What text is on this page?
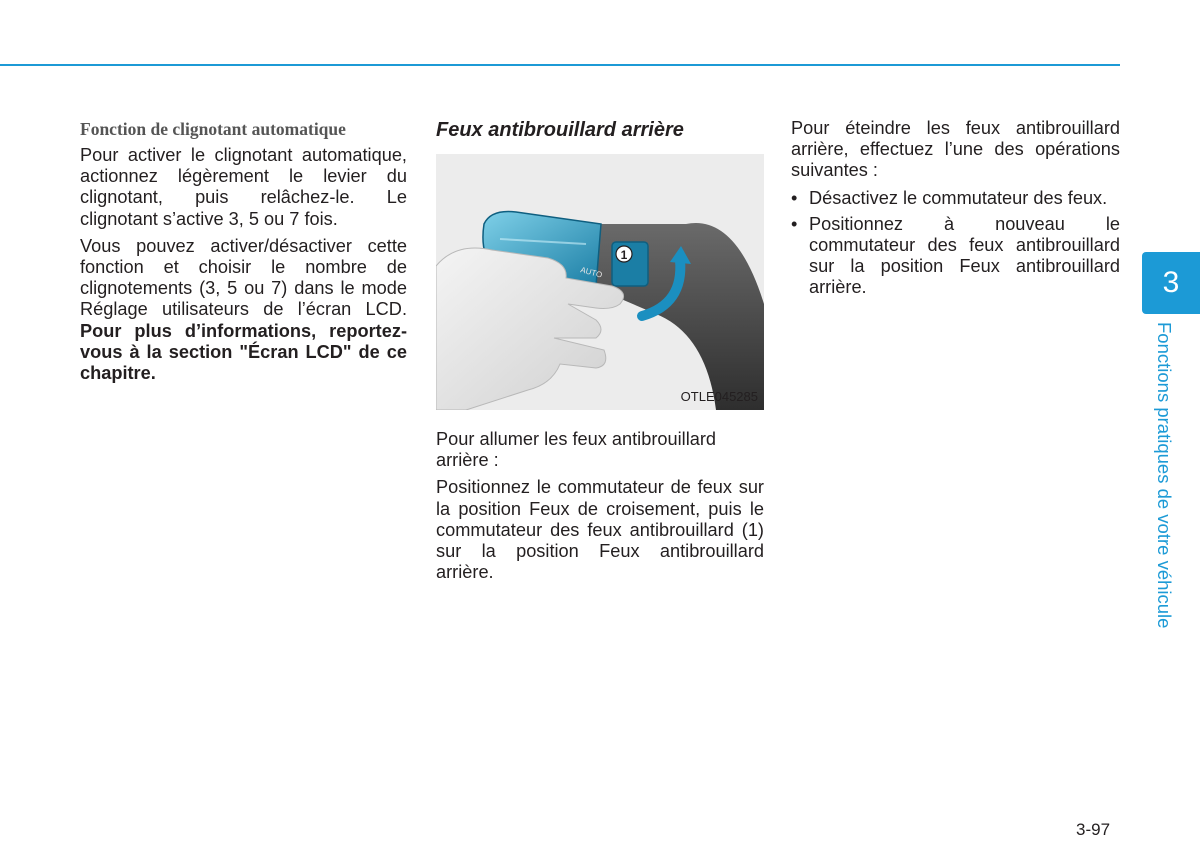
Fonction de clignotant automatique

Pour activer le clignotant automatique, actionnez légèrement le levier du clignotant, puis relâchez-le. Le clignotant s’active 3, 5 ou 7 fois.

Vous pouvez activer/désactiver cette fonction et choisir le nombre de clignotements (3, 5 ou 7) dans le mode Réglage utilisateurs de l’écran LCD. Pour plus d’informations, reportez-vous à la section "Écran LCD" de ce chapitre.

Feux antibrouillard arrière
1
AUTO
OTLE045285

Pour allumer les feux antibrouillard arrière :

Positionnez le commutateur de feux sur la position Feux de croisement, puis le commutateur des feux antibrouillard (1) sur la position Feux antibrouillard arrière.

Pour éteindre les feux antibrouillard arrière, effectuez l’une des opérations suivantes :

• Désactivez le commutateur des feux.
• Positionnez à nouveau le commutateur des feux antibrouillard sur la position Feux antibrouillard arrière.	3
Fonctions pratiques de votre véhicule
3-97
